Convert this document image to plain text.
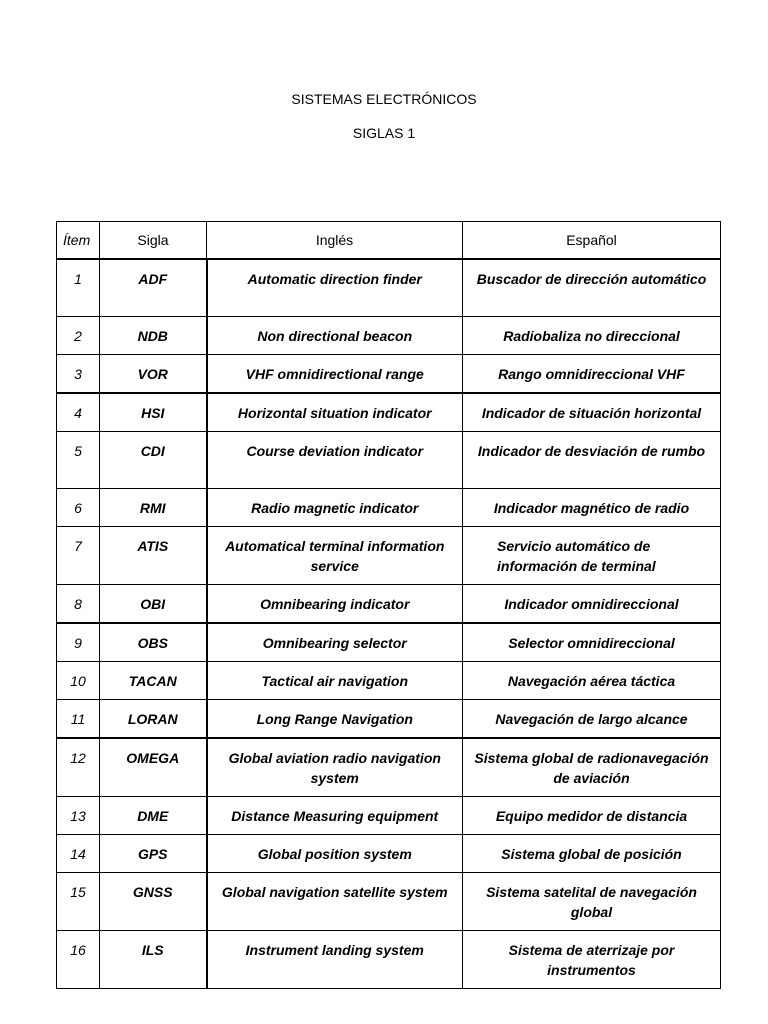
SISTEMAS ELECTRÓNICOS
SIGLAS 1
Ítem	Sigla	Inglés	Español
1	ADF	Automatic direction finder	Buscador de dirección automático
2	NDB	Non directional beacon	Radiobaliza no direccional
3	VOR	VHF omnidirectional range	Rango omnidireccional VHF
4	HSI	Horizontal situation indicator	Indicador de situación horizontal
5	CDI	Course deviation indicator	Indicador de desviación de rumbo
6	RMI	Radio magnetic indicator	Indicador magnético de radio
7	ATIS	Automatical terminal information service	Servicio automático de información de terminal
8	OBI	Omnibearing indicator	Indicador omnidireccional
9	OBS	Omnibearing selector	Selector omnidireccional
10	TACAN	Tactical air navigation	Navegación aérea táctica
11	LORAN	Long Range Navigation	Navegación de largo alcance
12	OMEGA	Global aviation radio navigation system	Sistema global de radionavegación de aviación
13	DME	Distance Measuring equipment	Equipo medidor de distancia
14	GPS	Global position system	Sistema global de posición
15	GNSS	Global navigation satellite system	Sistema satelital de navegación global
16	ILS	Instrument landing system	Sistema de aterrizaje por instrumentos
